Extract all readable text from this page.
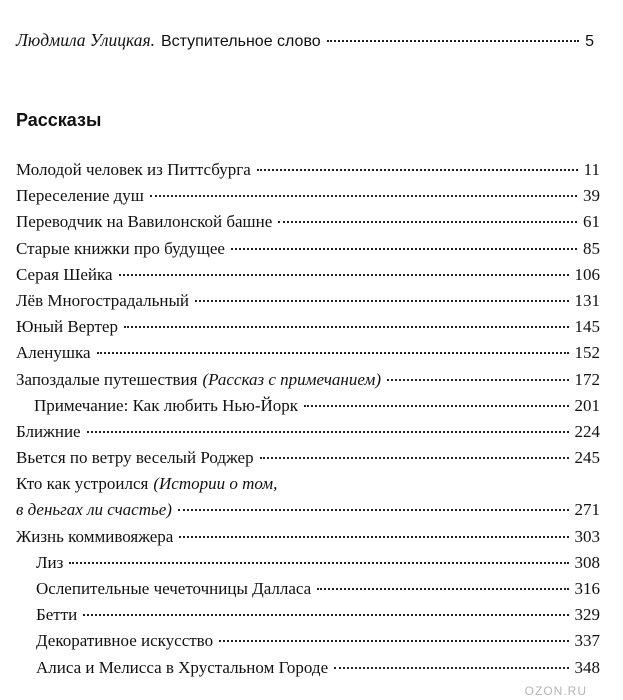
Людмила Улицкая. Вступительное слово	5
Рассказы
Молодой человек из Питтсбурга	11
Переселение душ	39
Переводчик на Вавилонской башне	61
Старые книжки про будущее	85
Серая Шейка	106
Лёв Многострадальный	131
Юный Вертер	145
Аленушка	152
Запоздалые путешествия (Рассказ с примечанием)	172
Примечание: Как любить Нью-Йорк	201
Ближние	224
Вьется по ветру веселый Роджер	245
Кто как устроился (Истории о том,
в деньгах ли счастье)	271
Жизнь коммивояжера	303
Лиз	308
Ослепительные чечеточницы Далласа	316
Бетти	329
Декоративное искусство	337
Алиса и Мелисса в Хрустальном Городе	348
OZON.RU
